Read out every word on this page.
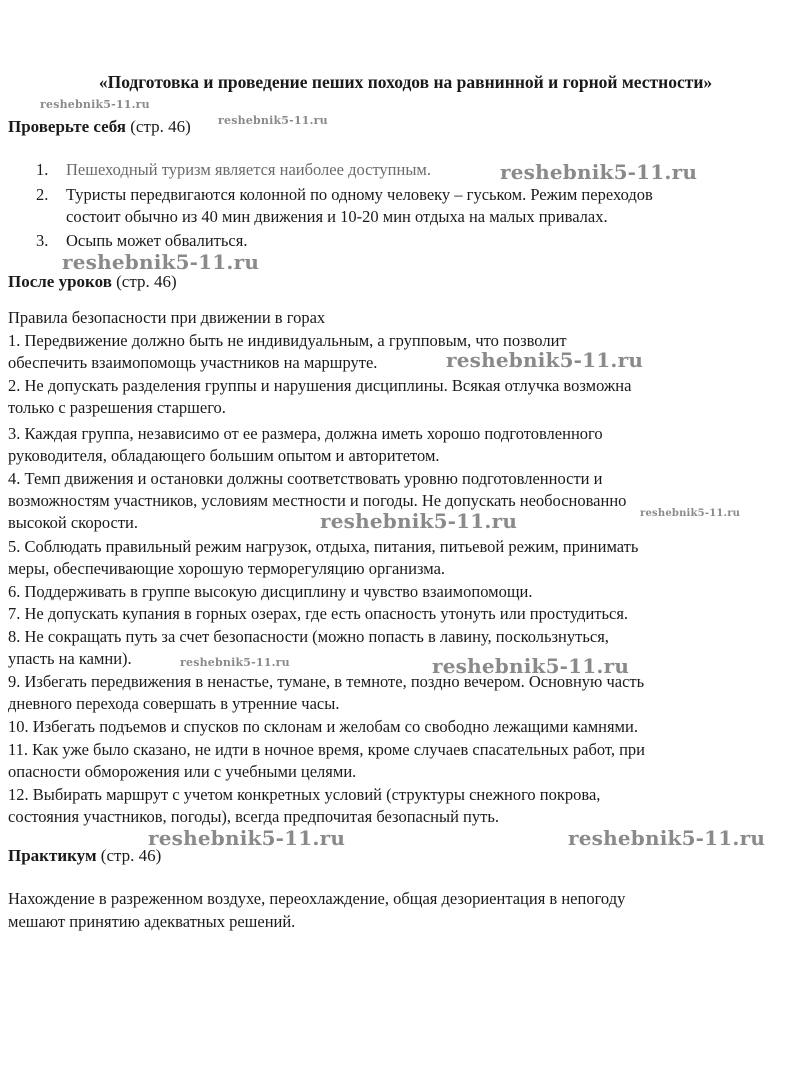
«Подготовка и проведение пеших походов на равнинной и горной местности»
Проверьте себя (стр. 46)
1. Пешеходный туризм является наиболее доступным.
2. Туристы передвигаются колонной по одному человеку – гуськом. Режим переходов
состоит обычно из 40 мин движения и 10-20 мин отдыха на малых привалах.
3. Осыпь может обвалиться.
После уроков (стр. 46)
Правила безопасности при движении в горах
1. Передвижение должно быть не индивидуальным, а групповым, что позволит
обеспечить взаимопомощь участников на маршруте.
2. Не допускать разделения группы и нарушения дисциплины. Всякая отлучка возможна
только с разрешения старшего.
3. Каждая группа, независимо от ее размера, должна иметь хорошо подготовленного
руководителя, обладающего большим опытом и авторитетом.
4. Темп движения и остановки должны соответствовать уровню подготовленности и
возможностям участников, условиям местности и погоды. Не допускать необоснованно
высокой скорости.
5. Соблюдать правильный режим нагрузок, отдыха, питания, питьевой режим, принимать
меры, обеспечивающие хорошую терморегуляцию организма.
6. Поддерживать в группе высокую дисциплину и чувство взаимопомощи.
7. Не допускать купания в горных озерах, где есть опасность утонуть или простудиться.
8. Не сокращать путь за счет безопасности (можно попасть в лавину, поскользнуться,
упасть на камни).
9. Избегать передвижения в ненастье, тумане, в темноте, поздно вечером. Основную часть
дневного перехода совершать в утренние часы.
10. Избегать подъемов и спусков по склонам и желобам со свободно лежащими камнями.
11. Как уже было сказано, не идти в ночное время, кроме случаев спасательных работ, при
опасности обморожения или с учебными целями.
12. Выбирать маршрут с учетом конкретных условий (структуры снежного покрова,
состояния участников, погоды), всегда предпочитая безопасный путь.
Практикум (стр. 46)
Нахождение в разреженном воздухе, переохлаждение, общая дезориентация в непогоду
мешают принятию адекватных решений.
reshebnik5-11.ru
reshebnik5-11.ru
reshebnik5-11.ru
reshebnik5-11.ru
reshebnik5-11.ru
reshebnik5-11.ru	reshebnik5-11.ru
reshebnik5-11.ru	reshebnik5-11.ru
reshebnik5-11.ru	reshebnik5-11.ru
